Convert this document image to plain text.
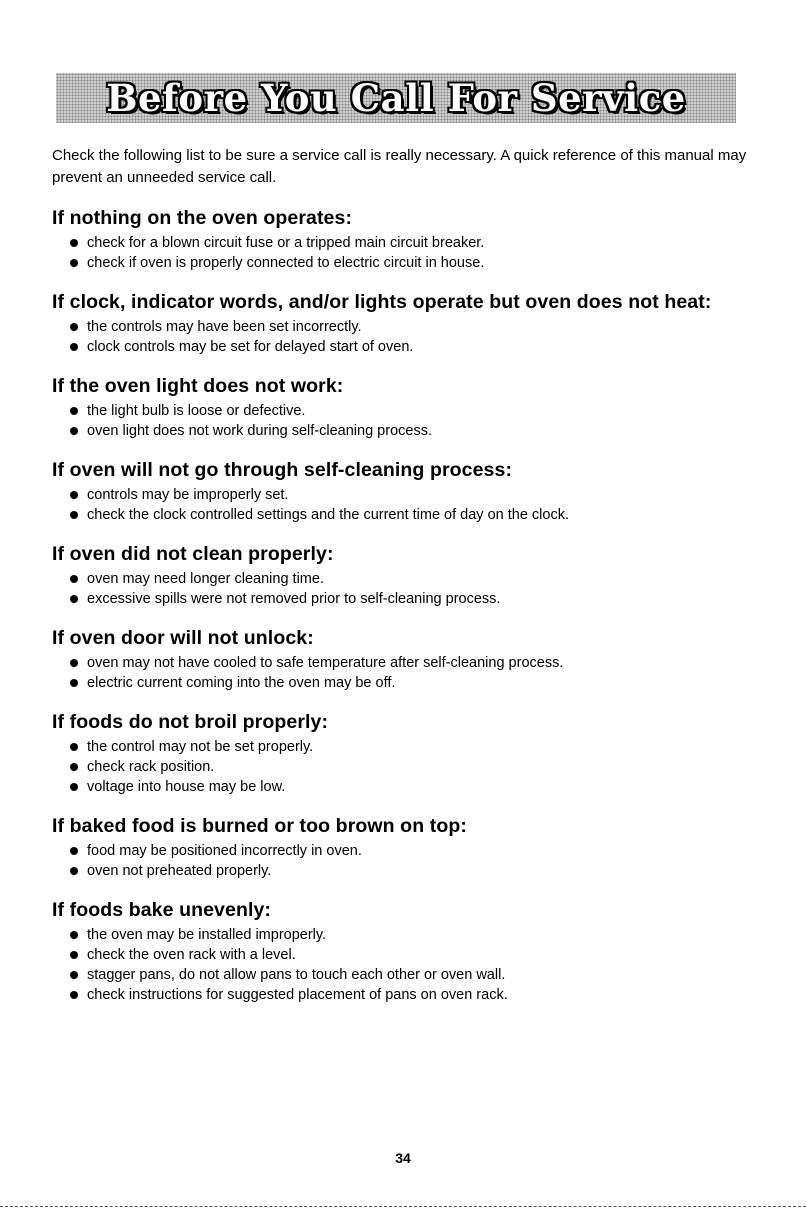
Before You Call For Service
Check the following list to be sure a service call is really necessary. A quick reference of this manual may prevent an unneeded service call.
If nothing on the oven operates:
check for a blown circuit fuse or a tripped main circuit breaker.
check if oven is properly connected to electric circuit in house.
If clock, indicator words, and/or lights operate but oven does not heat:
the controls may have been set incorrectly.
clock controls may be set for delayed start of oven.
If the oven light does not work:
the light bulb is loose or defective.
oven light does not work during self-cleaning process.
If oven will not go through self-cleaning process:
controls may be improperly set.
check the clock controlled settings and the current time of day on the clock.
If oven did not clean properly:
oven may need longer cleaning time.
excessive spills were not removed prior to self-cleaning process.
If oven door will not unlock:
oven may not have cooled to safe temperature after self-cleaning process.
electric current coming into the oven may be off.
If foods do not broil properly:
the control may not be set properly.
check rack position.
voltage into house may be low.
If baked food is burned or too brown on top:
food may be positioned incorrectly in oven.
oven not preheated properly.
If foods bake unevenly:
the oven may be installed improperly.
check the oven rack with a level.
stagger pans, do not allow pans to touch each other or oven wall.
check instructions for suggested placement of pans on oven rack.
34
